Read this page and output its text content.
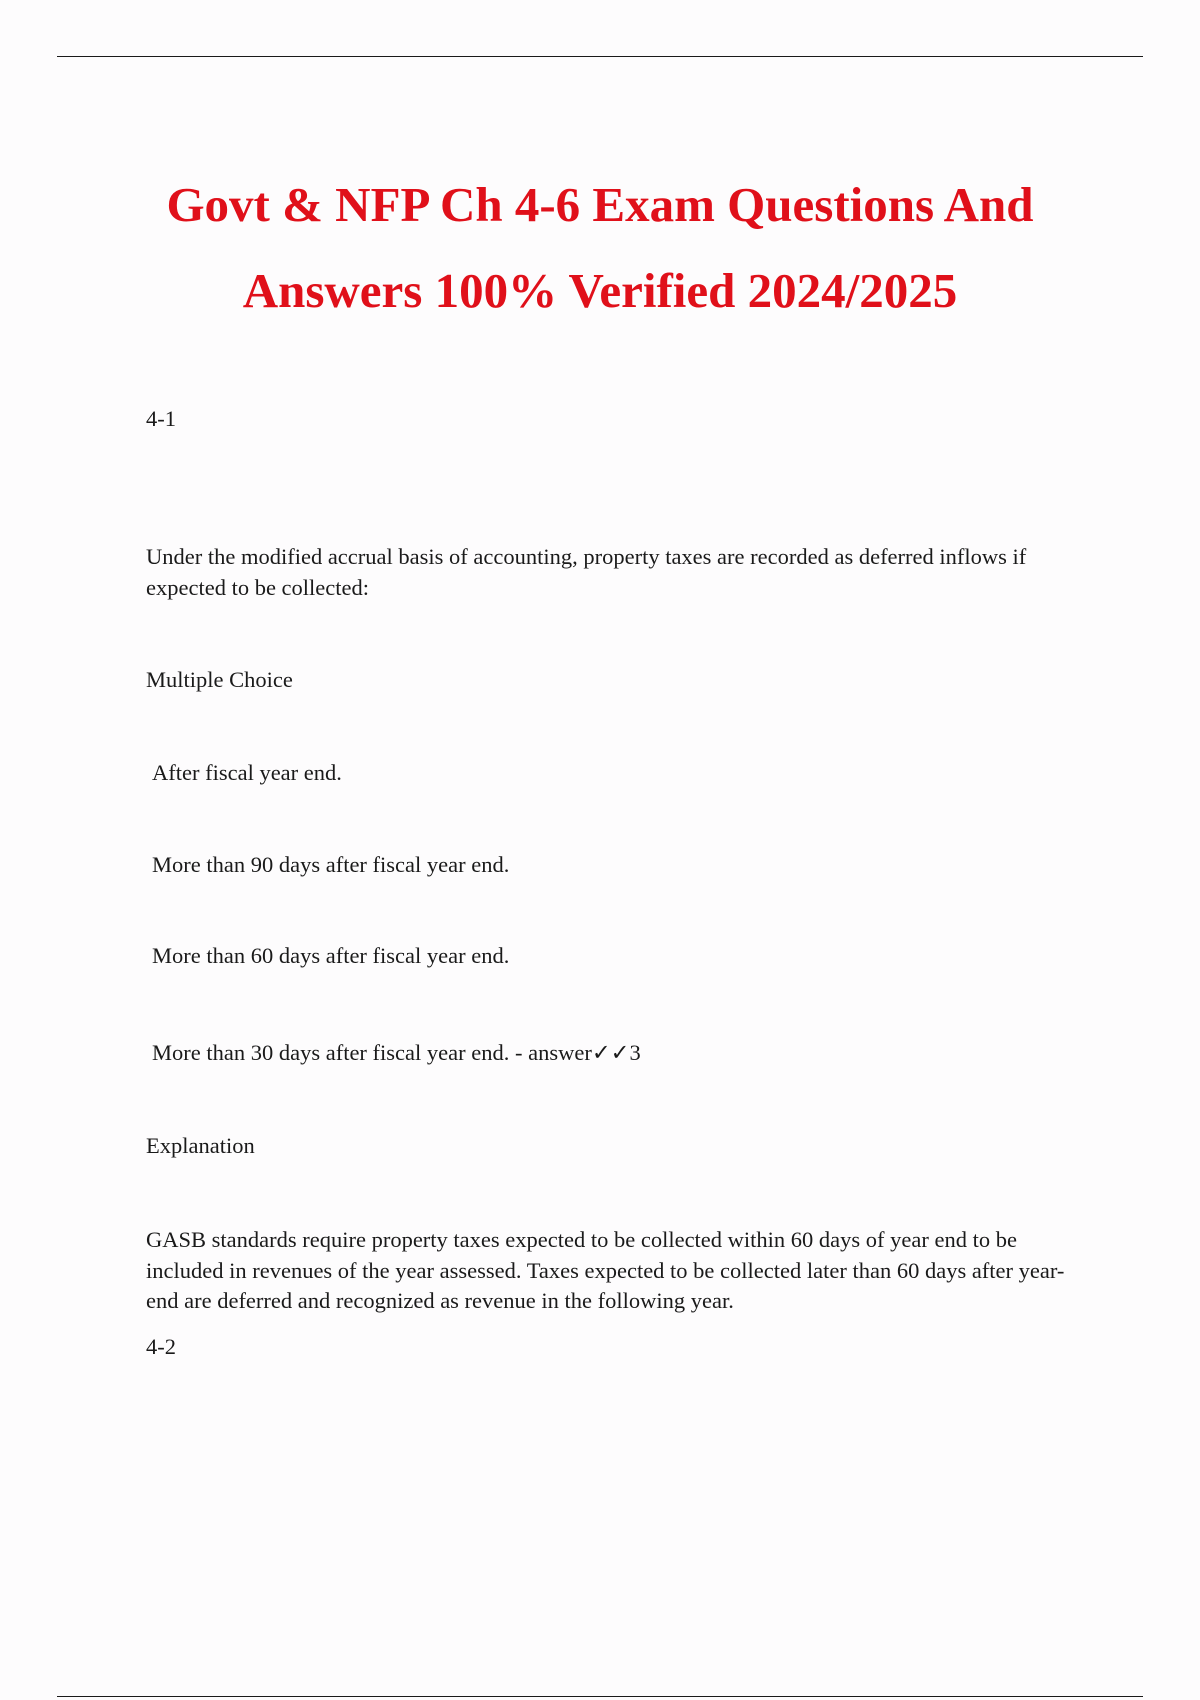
Govt & NFP Ch 4-6 Exam Questions And
Answers 100% Verified 2024/2025

4-1

Under the modified accrual basis of accounting, property taxes are recorded as deferred inflows if expected to be collected:

Multiple Choice

After fiscal year end.

More than 90 days after fiscal year end.

More than 60 days after fiscal year end.

More than 30 days after fiscal year end. - answer✓✓3

Explanation

GASB standards require property taxes expected to be collected within 60 days of year end to be included in revenues of the year assessed. Taxes expected to be collected later than 60 days after year-end are deferred and recognized as revenue in the following year.

4-2
